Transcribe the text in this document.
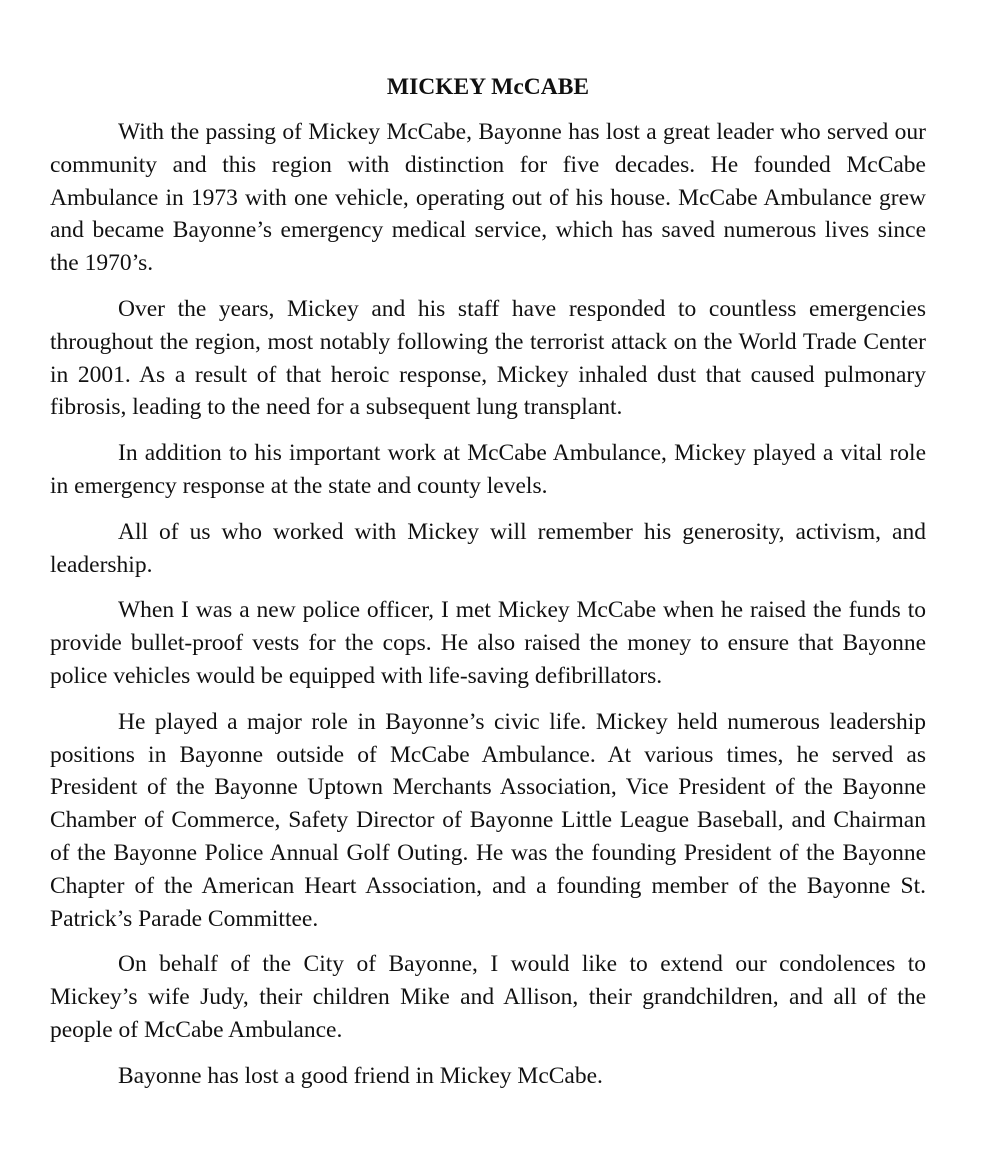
MICKEY McCABE

With the passing of Mickey McCabe, Bayonne has lost a great leader who served our community and this region with distinction for five decades. He founded McCabe Ambulance in 1973 with one vehicle, operating out of his house. McCabe Ambulance grew and became Bayonne’s emergency medical service, which has saved numerous lives since the 1970’s.

Over the years, Mickey and his staff have responded to countless emergencies throughout the region, most notably following the terrorist attack on the World Trade Center in 2001. As a result of that heroic response, Mickey inhaled dust that caused pulmonary fibrosis, leading to the need for a subsequent lung transplant.

In addition to his important work at McCabe Ambulance, Mickey played a vital role in emergency response at the state and county levels.

All of us who worked with Mickey will remember his generosity, activism, and leadership.

When I was a new police officer, I met Mickey McCabe when he raised the funds to provide bullet-proof vests for the cops. He also raised the money to ensure that Bayonne police vehicles would be equipped with life-saving defibrillators.

He played a major role in Bayonne’s civic life. Mickey held numerous leadership positions in Bayonne outside of McCabe Ambulance. At various times, he served as President of the Bayonne Uptown Merchants Association, Vice President of the Bayonne Chamber of Commerce, Safety Director of Bayonne Little League Baseball, and Chairman of the Bayonne Police Annual Golf Outing. He was the founding President of the Bayonne Chapter of the American Heart Association, and a founding member of the Bayonne St. Patrick’s Parade Committee.

On behalf of the City of Bayonne, I would like to extend our condolences to Mickey’s wife Judy, their children Mike and Allison, their grandchildren, and all of the people of McCabe Ambulance.

Bayonne has lost a good friend in Mickey McCabe.
